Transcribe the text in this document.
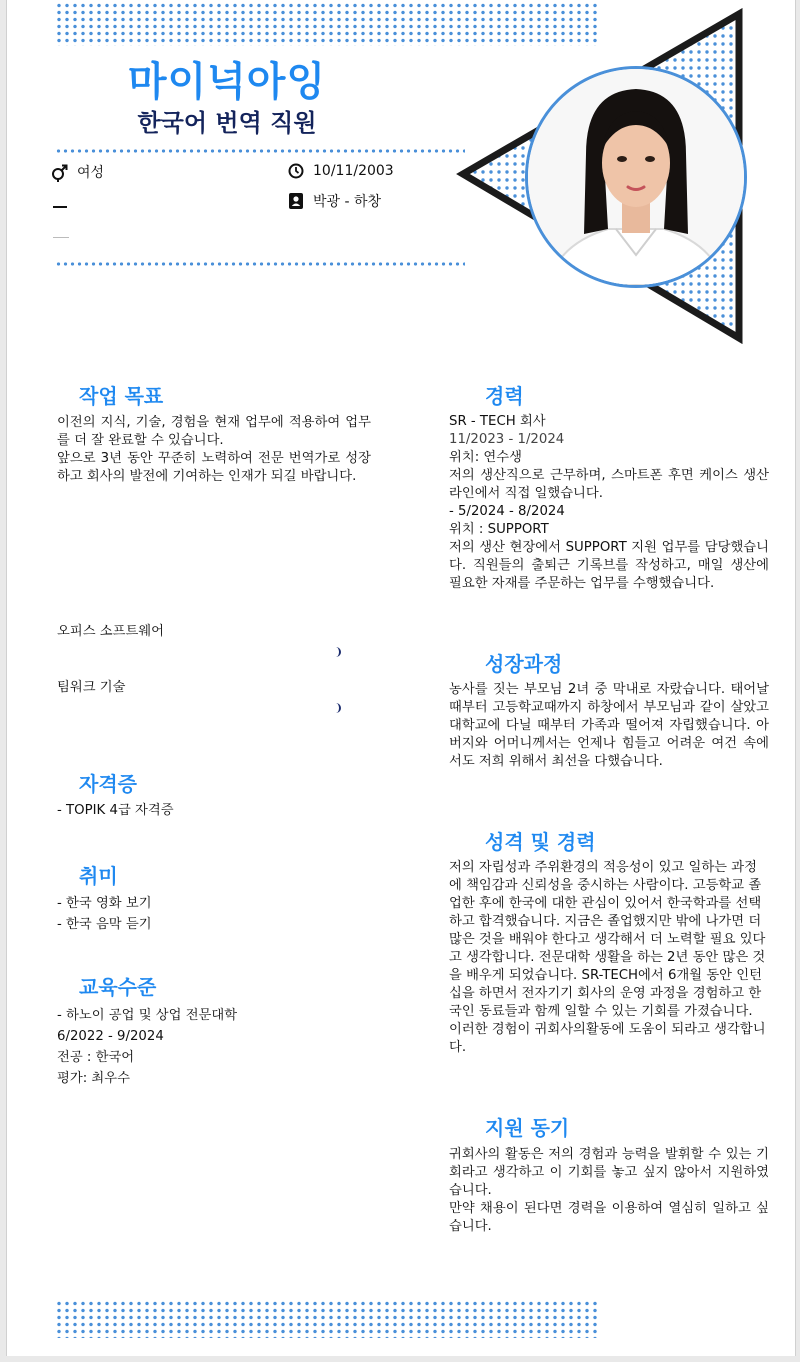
마이넉아잉
한국어 번역 직원
여성	10/11/2003
박광 - 하창
작업 목표

이전의 지식, 기술, 경험을 현재 업무에 적용하여 업무를 더 잘 완료할 수 있습니다.

앞으로 3년 동안 꾸준히 노력하여 전문 번역가로 성장하고 회사의 발전에 기여하는 인재가 되길 바랍니다.

오피스 소프트웨어
팀워크 기술
자격증

- TOPIK 4급 자격증

취미

- 한국 영화 보기

- 한국 음막 듣기

교육수준

- 하노이 공업 및 상업 전문대학

6/2022 - 9/2024

전공 : 한국어

평가: 최우수

경력

SR - TECH 회사

11/2023 - 1/2024

위치: 연수생

저의 생산직으로 근무하며, 스마트폰 후면 케이스 생산 라인에서 직접 일했습니다.

- 5/2024 - 8/2024

위치 : SUPPORT

저의 생산 현장에서 SUPPORT 지원 업무를 담당했습니다. 직원들의 출퇴근 기록브를 작성하고, 매일 생산에 필요한 자재를 주문하는 업무를 수행했습니다.

성장과정
농사를 짓는 부모님 2녀 중 막내로 자랐습니다. 태어날때부터 고등학교때까지 하창에서 부모님과 같이 살았고 대학교에 다닐 때부터 가족과 떨어져 자립했습니다. 아버지와 어머니께서는 언제나 힘들고 어려운 여건 속에서도 저희 위해서 최선을 다했습니다.
성격 및 경력
저의 자립성과 주위환경의 적응성이 있고 일하는 과정에 책임감과 신뢰성을 중시하는 사람이다. 고등학교 졸업한 후에 한국에 대한 관심이 있어서 한국학과를 선택하고 합격했습니다. 지금은 졸업했지만 밖에 나가면 더 많은 것을 배워야 한다고 생각해서 더 노력할 필요 있다고 생각합니다. 전문대학 생활을 하는 2년 동안 많은 것을 배우게 되었습니다. SR-TECH에서 6개월 동안 인턴십을 하면서 전자기기 회사의 운영 과정을 경험하고 한국인 동료들과 함께 일할 수 있는 기회를 가졌습니다. 이러한 경험이 귀회사의활동에 도움이 되라고 생각합니다.
지원 동기

귀회사의 활동은 저의 경험과 능력을 발휘할 수 있는 기회라고 생각하고 이 기회를 놓고 싶지 않아서 지원하였습니다.

만약 채용이 된다면 경력을 이용하여 열심히 일하고 싶습니다.
